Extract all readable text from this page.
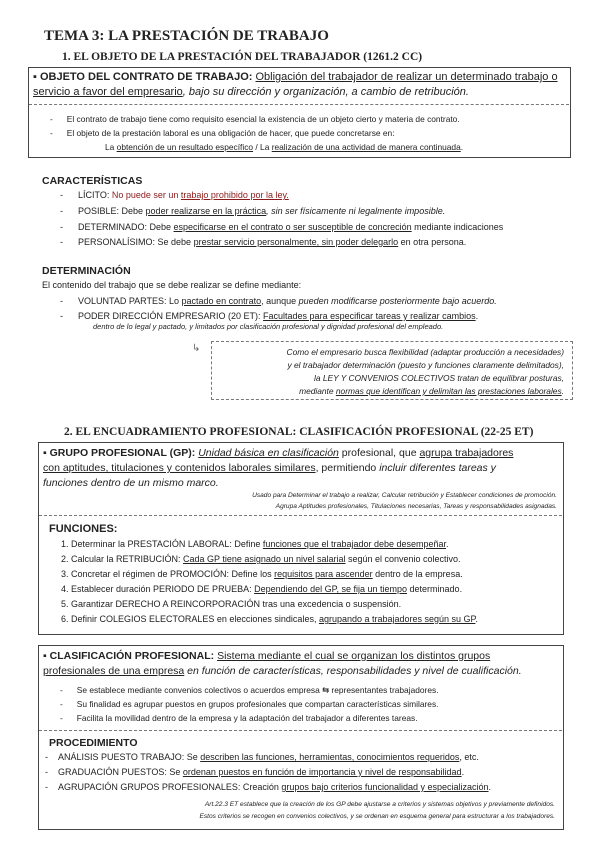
TEMA 3: LA PRESTACIÓN DE TRABAJO
1. EL OBJETO DE LA PRESTACIÓN DEL TRABAJADOR (1261.2 CC)
▪ OBJETO DEL CONTRATO DE TRABAJO: Obligación del trabajador de realizar un determinado trabajo o
servicio a favor del empresario, bajo su dirección y organización, a cambio de retribución.
-      El contrato de trabajo tiene como requisito esencial la existencia de un objeto cierto y materia de contrato.
-      El objeto de la prestación laboral es una obligación de hacer, que puede concretarse en:
La obtención de un resultado específico / La realización de una actividad de manera continuada.
CARACTERÍSTICAS
-      LÍCITO: No puede ser un trabajo prohibido por la ley.
-      POSIBLE: Debe poder realizarse en la práctica, sin ser físicamente ni legalmente imposible.
-      DETERMINADO: Debe especificarse en el contrato o ser susceptible de concreción mediante indicaciones
-      PERSONALÍSIMO: Se debe prestar servicio personalmente, sin poder delegarlo en otra persona.
DETERMINACIÓN
El contenido del trabajo que se debe realizar se define mediante:
-      VOLUNTAD PARTES: Lo pactado en contrato, aunque pueden modificarse posteriormente bajo acuerdo.
-      PODER DIRECCIÓN EMPRESARIO (20 ET): Facultades para especificar tareas y realizar cambios.
dentro de lo legal y pactado, y limitados por clasificación profesional y dignidad profesional del empleado.
↳	Como el empresario busca flexibilidad (adaptar producción a necesidades)
y el trabajador determinación (puesto y funciones claramente delimitados),
la LEY Y CONVENIOS COLECTIVOS tratan de equilibrar posturas,
mediante normas que identifican y delimitan las prestaciones laborales.
2. EL ENCUADRAMIENTO PROFESIONAL: CLASIFICACIÓN PROFESIONAL (22-25 ET)
▪ GRUPO PROFESIONAL (GP): Unidad básica en clasificación profesional, que agrupa trabajadores
con aptitudes, titulaciones y contenidos laborales similares, permitiendo incluir diferentes tareas y
funciones dentro de un mismo marco.
Usado para Determinar el trabajo a realizar, Calcular retribución y Establecer condiciones de promoción.
Agrupa Aptitudes profesionales, Titulaciones necesarias, Tareas y responsabilidades asignadas.
FUNCIONES:
1. Determinar la PRESTACIÓN LABORAL: Define funciones que el trabajador debe desempeñar.
2. Calcular la RETRIBUCIÓN: Cada GP tiene asignado un nivel salarial según el convenio colectivo.
3. Concretar el régimen de PROMOCIÓN: Define los requisitos para ascender dentro de la empresa.
4. Establecer duración PERIODO DE PRUEBA: Dependiendo del GP, se fija un tiempo determinado.
5. Garantizar DERECHO A REINCORPORACIÓN tras una excedencia o suspensión.
6. Definir COLEGIOS ELECTORALES en elecciones sindicales, agrupando a trabajadores según su GP.
▪ CLASIFICACIÓN PROFESIONAL: Sistema mediante el cual se organizan los distintos grupos
profesionales de una empresa en función de características, responsabilidades y nivel de cualificación.
-      Se establece mediante convenios colectivos o acuerdos empresa ⇆ representantes trabajadores.
-      Su finalidad es agrupar puestos en grupos profesionales que compartan características similares.
-      Facilita la movilidad dentro de la empresa y la adaptación del trabajador a diferentes tareas.
PROCEDIMIENTO
-    ANÁLISIS PUESTO TRABAJO: Se describen las funciones, herramientas, conocimientos requeridos, etc.
-    GRADUACIÓN PUESTOS: Se ordenan puestos en función de importancia y nivel de responsabilidad.
-    AGRUPACIÓN GRUPOS PROFESIONALES: Creación grupos bajo criterios funcionalidad y especialización.
Art.22.3 ET establece que la creación de los GP debe ajustarse a criterios y sistemas objetivos y previamente definidos.
Estos criterios se recogen en convenios colectivos, y se ordenan en esquema general para estructurar a los trabajadores.
